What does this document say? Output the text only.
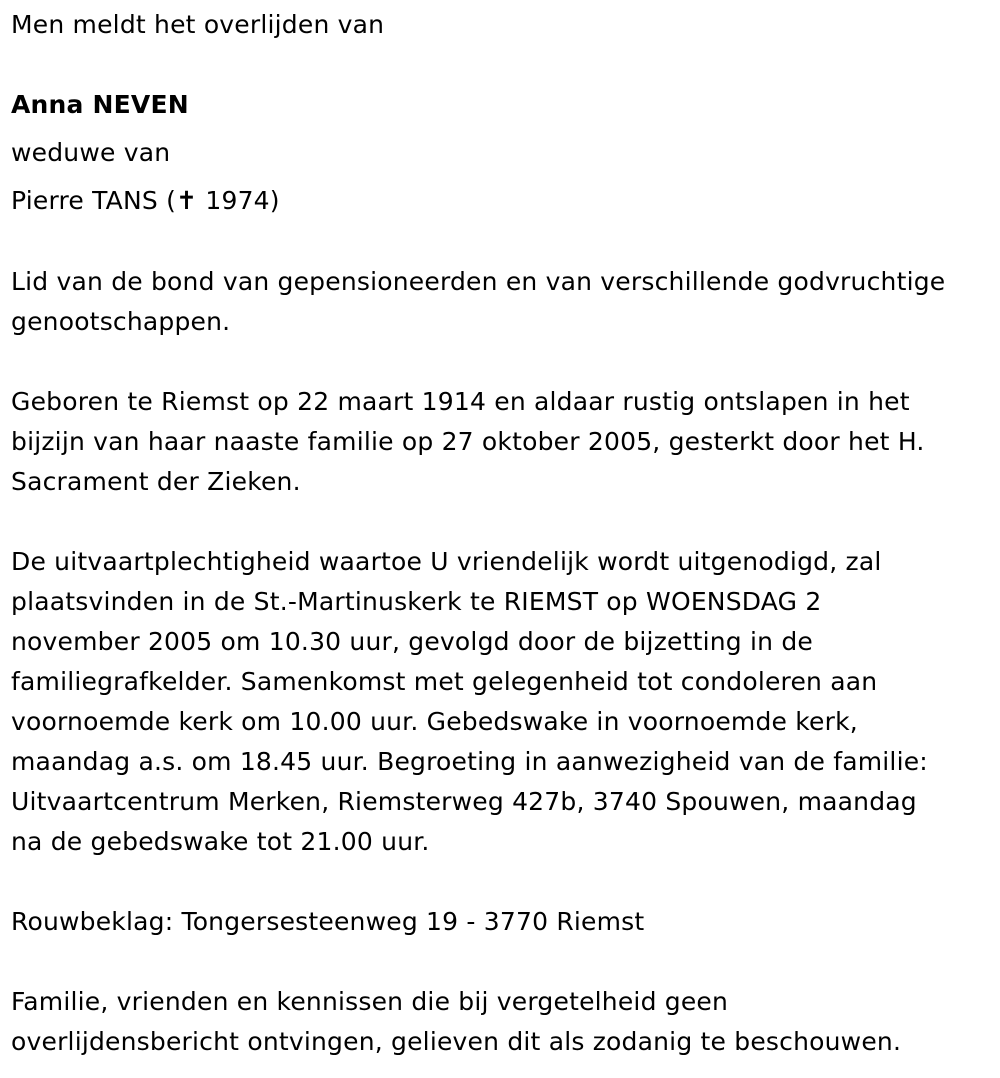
Men meldt het overlijden van
Anna NEVEN
weduwe van
Pierre TANS (✝ 1974)
Lid van de bond van gepensioneerden en van verschillende godvruchtige
genootschappen.
Geboren te Riemst op 22 maart 1914 en aldaar rustig ontslapen in het
bijzijn van haar naaste familie op 27 oktober 2005, gesterkt door het H.
Sacrament der Zieken.
De uitvaartplechtigheid waartoe U vriendelijk wordt uitgenodigd, zal
plaatsvinden in de St.-Martinuskerk te RIEMST op WOENSDAG 2
november 2005 om 10.30 uur, gevolgd door de bijzetting in de
familiegrafkelder. Samenkomst met gelegenheid tot condoleren aan
voornoemde kerk om 10.00 uur. Gebedswake in voornoemde kerk,
maandag a.s. om 18.45 uur. Begroeting in aanwezigheid van de familie:
Uitvaartcentrum Merken, Riemsterweg 427b, 3740 Spouwen, maandag
na de gebedswake tot 21.00 uur.
Rouwbeklag: Tongersesteenweg 19 - 3770 Riemst
Familie, vrienden en kennissen die bij vergetelheid geen
overlijdensbericht ontvingen, gelieven dit als zodanig te beschouwen.
